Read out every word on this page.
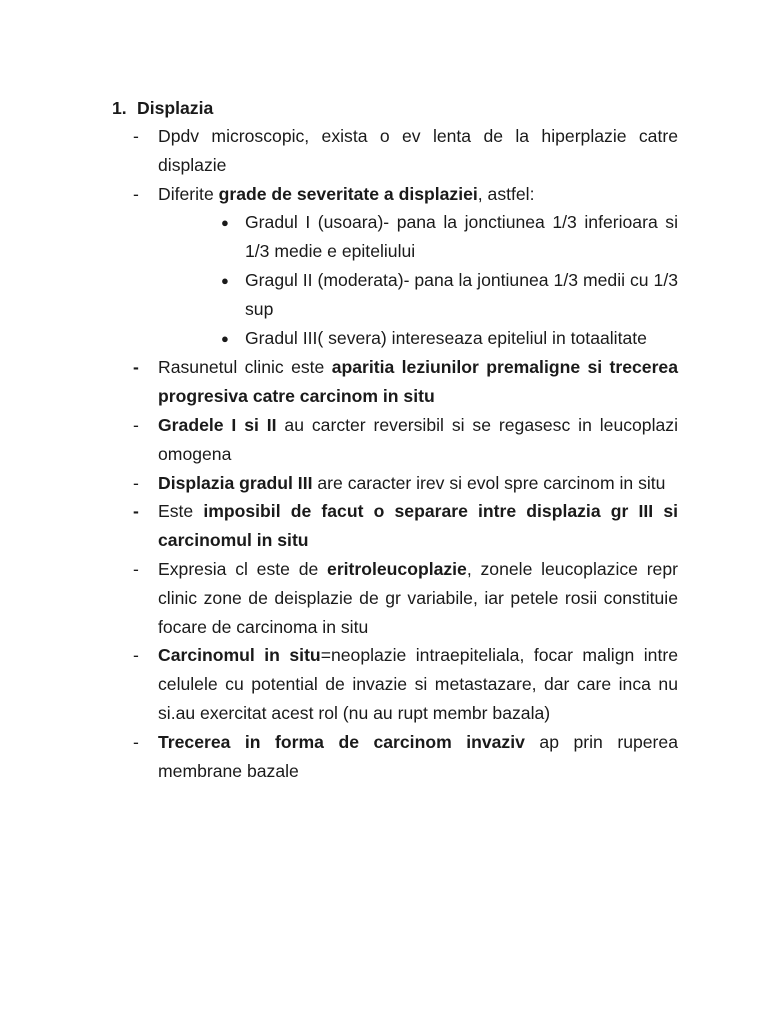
1. Displazia
- Dpdv microscopic, exista o ev lenta de la hiperplazie catre displazie
- Diferite grade de severitate a displaziei, astfel:
● Gradul I (usoara)- pana la jonctiunea 1/3 inferioara si 1/3 medie e epiteliului
● Gragul II (moderata)- pana la jontiunea 1/3 medii cu 1/3 sup
● Gradul III( severa) intereseaza epiteliul in totaalitate
- Rasunetul clinic este aparitia leziunilor premaligne si trecerea progresiva catre carcinom in situ
- Gradele I si II au carcter reversibil si se regasesc in leucoplazi omogena
- Displazia gradul III are caracter irev si evol spre carcinom in situ
- Este imposibil de facut o separare intre displazia gr III si carcinomul in situ
- Expresia cl este de eritroleucoplazie, zonele leucoplazice repr clinic zone de deisplazie de gr variabile, iar petele rosii constituie focare de carcinoma in situ
- Carcinomul in situ=neoplazie intraepiteliala, focar malign intre celulele cu potential de invazie si metastazare, dar care inca nu si.au exercitat acest rol (nu au rupt membr bazala)
- Trecerea in forma de carcinom invaziv ap prin ruperea membrane bazale
